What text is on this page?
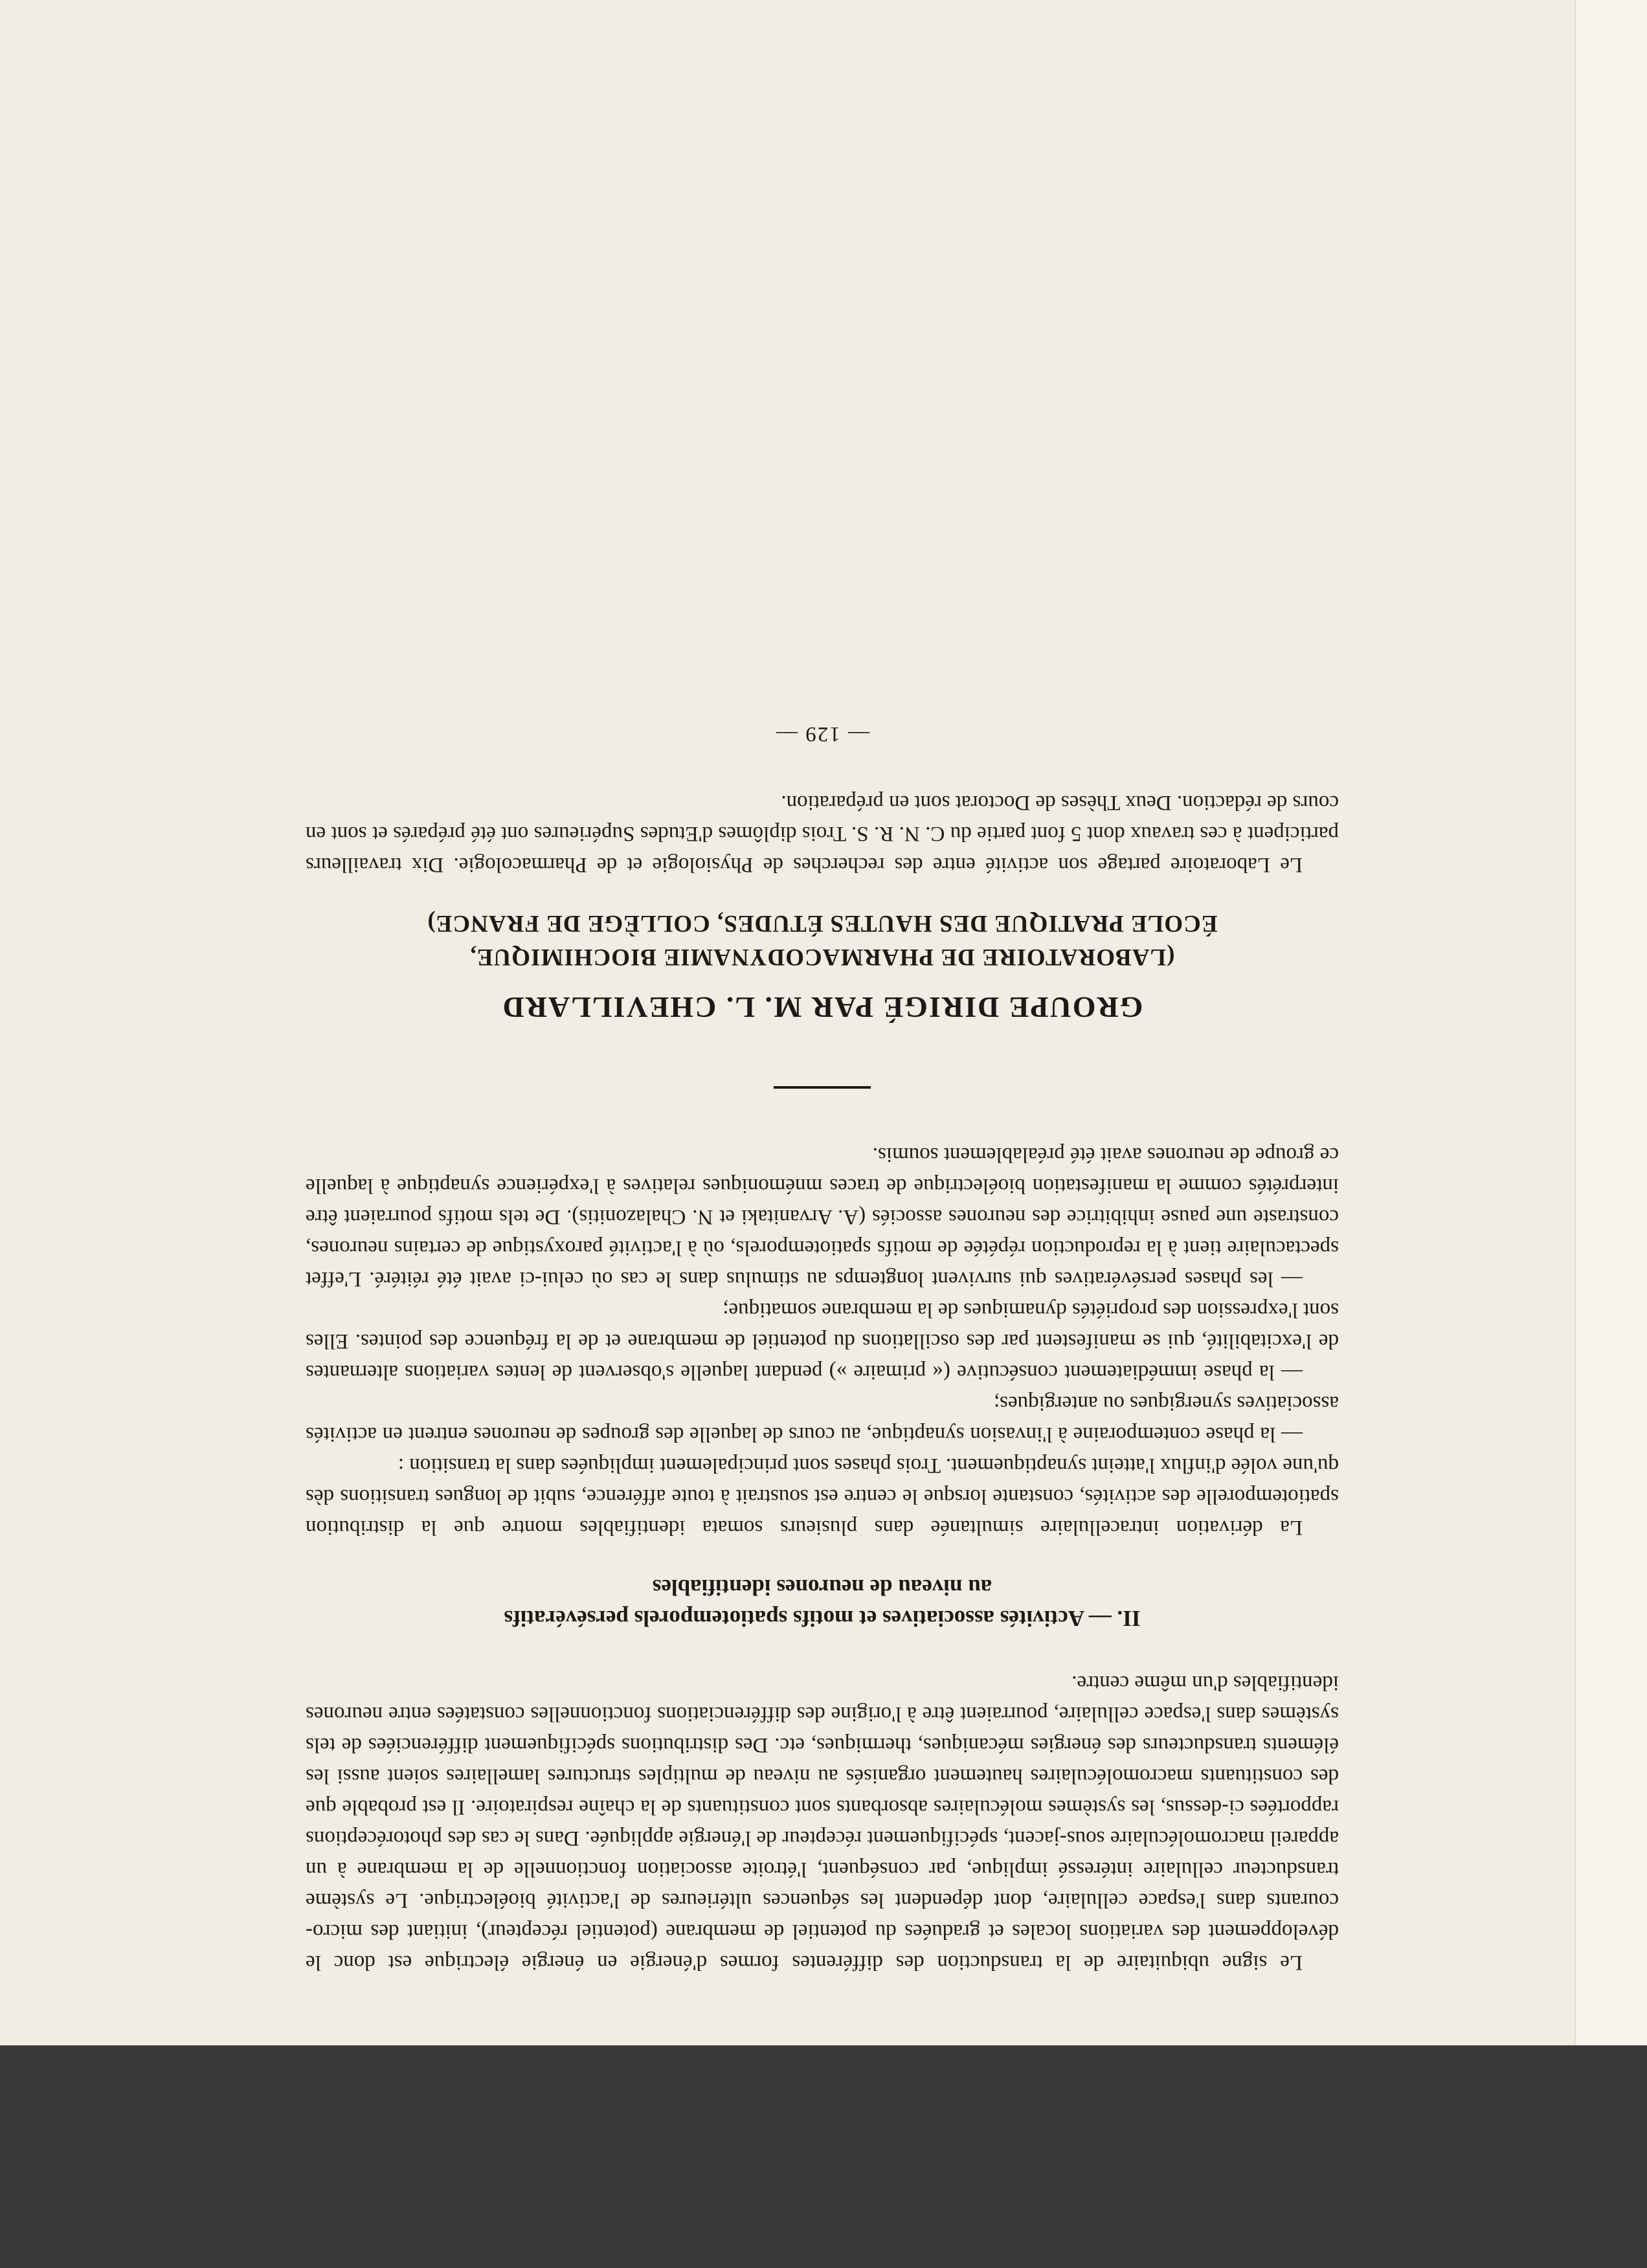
Le signe ubiquitaire de la transduction des différentes formes d'énergie en énergie électrique est donc le développement des variations locales et graduées du potentiel de membrane (potentiel récepteur), initiant des micro-courants dans l'espace cellulaire, dont dépendent les séquences ultérieures de l'activité bioélectrique. Le système transducteur cellulaire intéressé implique, par conséquent, l'étroite association fonctionnelle de la membrane à un appareil macromoléculaire sous-jacent, spécifiquement récepteur de l'énergie appliquée. Dans le cas des photoréceptions rapportées ci-dessus, les systèmes moléculaires absorbants sont constituants de la chaîne respiratoire. Il est probable que des constituants macromoléculaires hautement organisés au niveau de multiples structures lamellaires soient aussi les éléments transducteurs des énergies mécaniques, thermiques, etc. Des distributions spécifiquement différenciées de tels systèmes dans l'espace cellulaire, pourraient être à l'origine des différenciations fonctionnelles constatées entre neurones identifiables d'un même centre.

II. — Activités associatives et motifs spatiotemporels persévératifs
au niveau de neurones identifiables

La dérivation intracellulaire simultanée dans plusieurs somata identifiables montre que la distribution spatiotemporelle des activités, constante lorsque le centre est soustrait à toute afférence, subit de longues transitions dès qu'une volée d'influx l'atteint synaptiquement. Trois phases sont principalement impliquées dans la transition :

— la phase contemporaine à l'invasion synaptique, au cours de laquelle des groupes de neurones entrent en activités associatives synergiques ou antergiques;

— la phase immédiatement consécutive (« primaire ») pendant laquelle s'observent de lentes variations alternantes de l'excitabilité, qui se manifestent par des oscillations du potentiel de membrane et de la fréquence des pointes. Elles sont l'expression des propriétés dynamiques de la membrane somatique;

— les phases persévératives qui survivent longtemps au stimulus dans le cas où celui-ci avait été réitéré. L'effet spectaculaire tient à la reproduction répétée de motifs spatiotemporels, où à l'activité paroxystique de certains neurones, constraste une pause inhibitrice des neurones associés (A. Arvanitaki et N. Chalazonitis). De tels motifs pourraient être interprétés comme la manifestation bioélectrique de traces mnémoniques relatives à l'expérience synaptique à laquelle ce groupe de neurones avait été préalablement soumis.

GROUPE DIRIGÉ PAR M. L. CHEVILLARD

(LABORATOIRE DE PHARMACODYNAMIE BIOCHIMIQUE,

ÉCOLE PRATIQUE DES HAUTES ÉTUDES, COLLÈGE DE FRANCE)

Le Laboratoire partage son activité entre des recherches de Physiologie et de Pharmacologie. Dix travailleurs participent à ces travaux dont 5 font partie du C. N. R. S. Trois diplômes d'Etudes Supérieures ont été préparés et sont en cours de rédaction. Deux Thèses de Doctorat sont en préparation.

— 129 —
